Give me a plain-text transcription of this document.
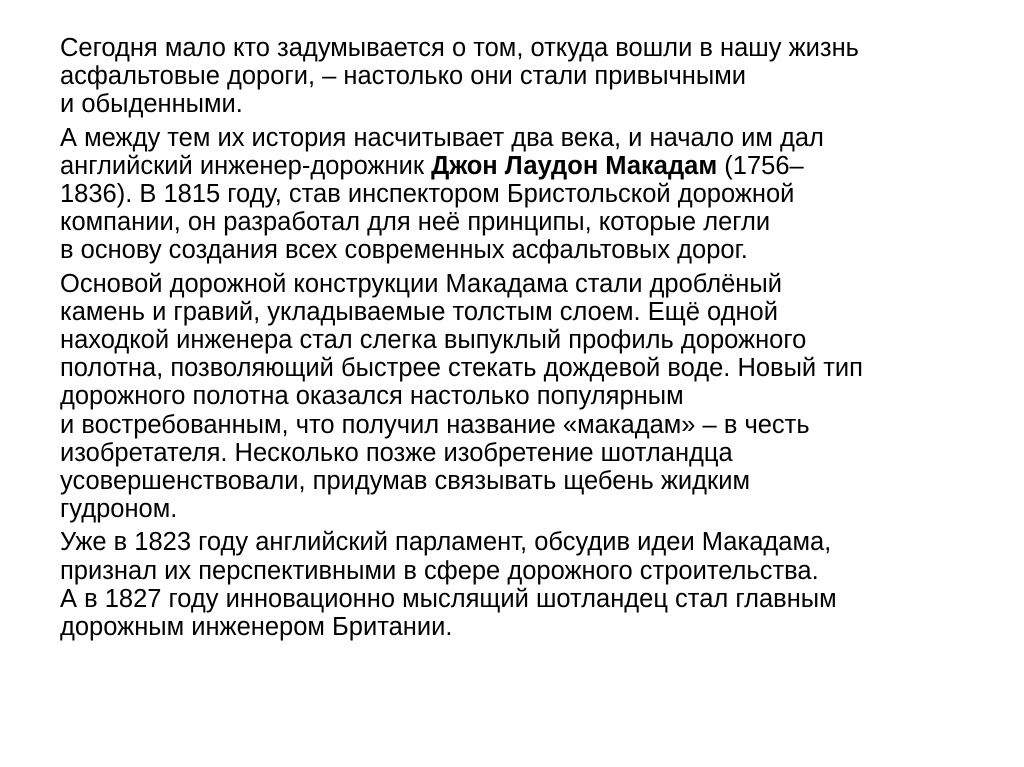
Сегодня мало кто задумывается о том, откуда вошли в нашу жизнь
асфальтовые дороги, – настолько они стали привычными
и обыденными.

А между тем их история насчитывает два века, и начало им дал
английский инженер-дорожник Джон Лаудон Макадам (1756–
1836). В 1815 году, став инспектором Бристольской дорожной
компании, он разработал для неё принципы, которые легли
в основу создания всех современных асфальтовых дорог.

Основой дорожной конструкции Макадама стали дроблёный
камень и гравий, укладываемые толстым слоем. Ещё одной
находкой инженера стал слегка выпуклый профиль дорожного
полотна, позволяющий быстрее стекать дождевой воде. Новый тип
дорожного полотна оказался настолько популярным
и востребованным, что получил название «макадам» – в честь
изобретателя. Несколько позже изобретение шотландца
усовершенствовали, придумав связывать щебень жидким
гудроном.

Уже в 1823 году английский парламент, обсудив идеи Макадама,
признал их перспективными в сфере дорожного строительства.
А в 1827 году инновационно мыслящий шотландец стал главным
дорожным инженером Британии.
